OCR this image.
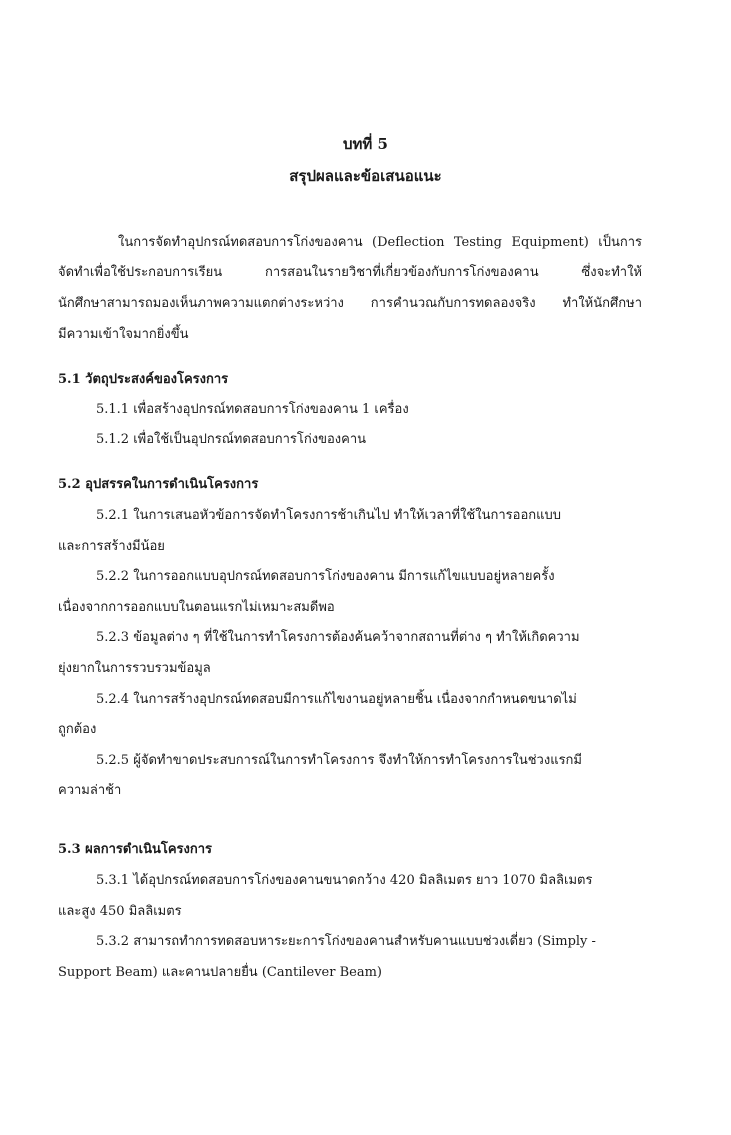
บทที่ 5
สรุปผลและข้อเสนอแนะ
ในการจัดทำอุปกรณ์ทดสอบการโก่งของคาน (Deflection Testing Equipment) เป็นการ
จัดทำเพื่อใช้ประกอบการเรียน การสอนในรายวิชาที่เกี่ยวข้องกับการโก่งของคาน ซึ่งจะทำให้
นักศึกษาสามารถมองเห็นภาพความแตกต่างระหว่าง การคำนวณกับการทดลองจริง ทำให้นักศึกษา
มีความเข้าใจมากยิ่งขึ้น
5.1 วัตถุประสงค์ของโครงการ
5.1.1 เพื่อสร้างอุปกรณ์ทดสอบการโก่งของคาน 1 เครื่อง
5.1.2 เพื่อใช้เป็นอุปกรณ์ทดสอบการโก่งของคาน
5.2 อุปสรรคในการดำเนินโครงการ
5.2.1 ในการเสนอหัวข้อการจัดทำโครงการช้าเกินไป ทำให้เวลาที่ใช้ในการออกแบบ
และการสร้างมีน้อย
5.2.2 ในการออกแบบอุปกรณ์ทดสอบการโก่งของคาน มีการแก้ไขแบบอยู่หลายครั้ง
เนื่องจากการออกแบบในตอนแรกไม่เหมาะสมดีพอ
5.2.3 ข้อมูลต่าง ๆ ที่ใช้ในการทำโครงการต้องค้นคว้าจากสถานที่ต่าง ๆ ทำให้เกิดความ
ยุ่งยากในการรวบรวมข้อมูล
5.2.4 ในการสร้างอุปกรณ์ทดสอบมีการแก้ไขงานอยู่หลายชิ้น เนื่องจากกำหนดขนาดไม่
ถูกต้อง
5.2.5 ผู้จัดทำขาดประสบการณ์ในการทำโครงการ จึงทำให้การทำโครงการในช่วงแรกมี
ความล่าช้า
5.3 ผลการดำเนินโครงการ
5.3.1 ได้อุปกรณ์ทดสอบการโก่งของคานขนาดกว้าง 420 มิลลิเมตร ยาว 1070 มิลลิเมตร
และสูง 450 มิลลิเมตร
5.3.2 สามารถทำการทดสอบหาระยะการโก่งของคานสำหรับคานแบบช่วงเดี่ยว (Simply -
Support Beam) และคานปลายยื่น (Cantilever Beam)
